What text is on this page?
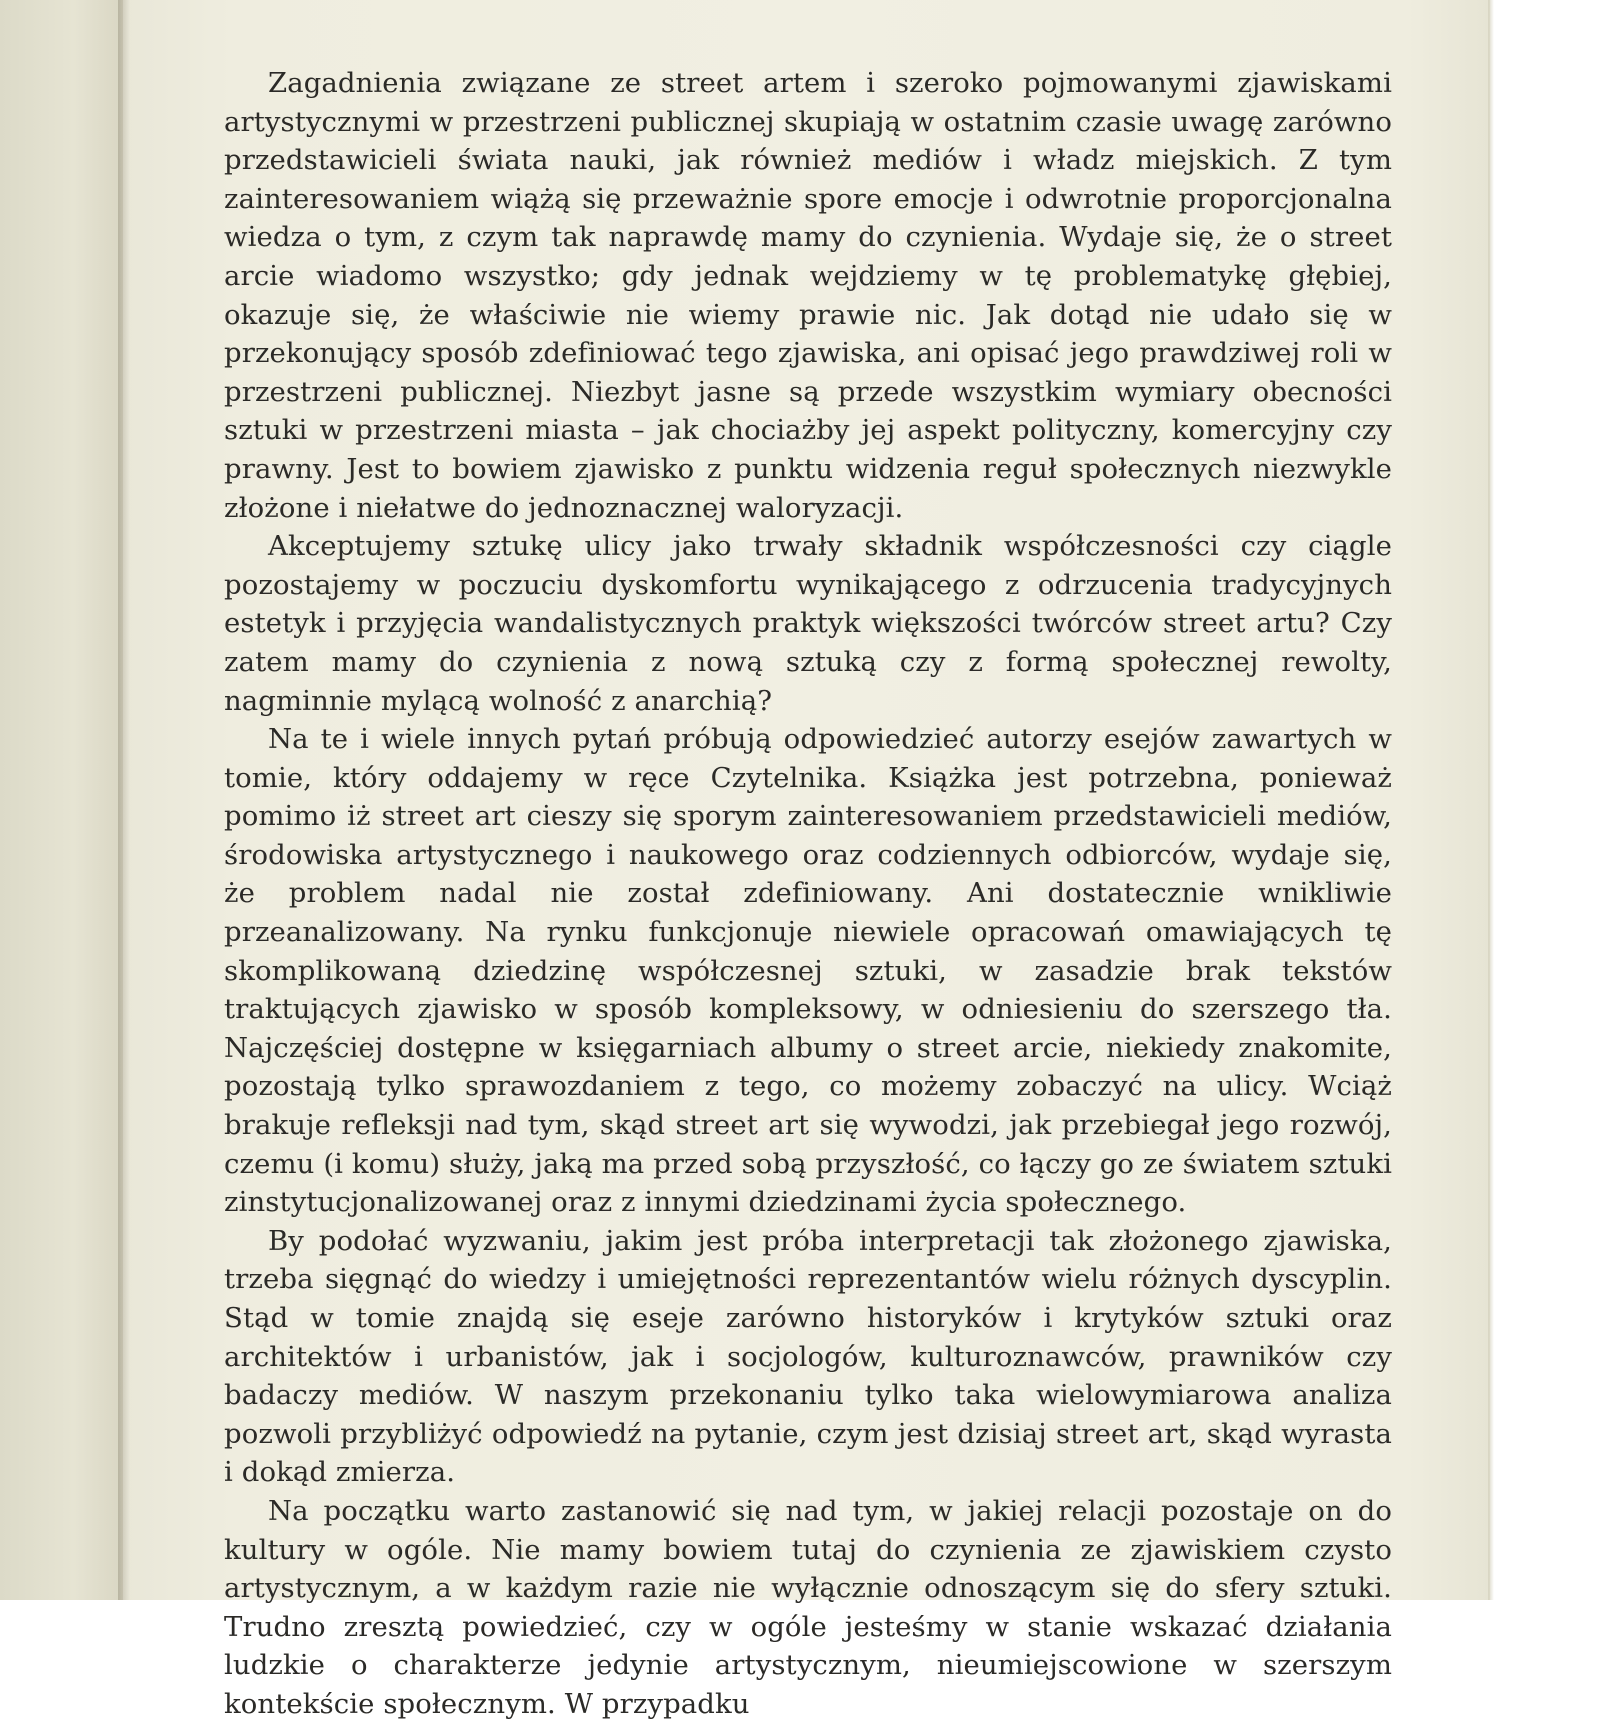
Zagadnienia związane ze street artem i szeroko pojmowanymi zjawiskami artystycznymi w przestrzeni publicznej skupiają w ostatnim czasie uwagę zarówno przedstawicieli świata nauki, jak również mediów i władz miejskich. Z tym zainteresowaniem wiążą się przeważnie spore emocje i odwrotnie proporcjonalna wiedza o tym, z czym tak naprawdę mamy do czynienia. Wydaje się, że o street arcie wiadomo wszystko; gdy jednak wejdziemy w tę problematykę głębiej, okazuje się, że właściwie nie wiemy prawie nic. Jak dotąd nie udało się w przekonujący sposób zdefiniować tego zjawiska, ani opisać jego prawdziwej roli w przestrzeni publicznej. Niezbyt jasne są przede wszystkim wymiary obecności sztuki w przestrzeni miasta – jak chociażby jej aspekt polityczny, komercyjny czy prawny. Jest to bowiem zjawisko z punktu widzenia reguł społecznych niezwykle złożone i niełatwe do jednoznacznej waloryzacji.

Akceptujemy sztukę ulicy jako trwały składnik współczesności czy ciągle pozostajemy w poczuciu dyskomfortu wynikającego z odrzucenia tradycyjnych estetyk i przyjęcia wandalistycznych praktyk większości twórców street artu? Czy zatem mamy do czynienia z nową sztuką czy z formą społecznej rewolty, nagminnie mylącą wolność z anarchią?

Na te i wiele innych pytań próbują odpowiedzieć autorzy esejów zawartych w tomie, który oddajemy w ręce Czytelnika. Książka jest potrzebna, ponieważ pomimo iż street art cieszy się sporym zainteresowaniem przedstawicieli mediów, środowiska artystycznego i naukowego oraz codziennych odbiorców, wydaje się, że problem nadal nie został zdefiniowany. Ani dostatecznie wnikliwie przeanalizowany. Na rynku funkcjonuje niewiele opracowań omawiających tę skomplikowaną dziedzinę współczesnej sztuki, w zasadzie brak tekstów traktujących zjawisko w sposób kompleksowy, w odniesieniu do szerszego tła. Najczęściej dostępne w księgarniach albumy o street arcie, niekiedy znakomite, pozostają tylko sprawozdaniem z tego, co możemy zobaczyć na ulicy. Wciąż brakuje refleksji nad tym, skąd street art się wywodzi, jak przebiegał jego rozwój, czemu (i komu) służy, jaką ma przed sobą przyszłość, co łączy go ze światem sztuki zinstytucjonalizowanej oraz z innymi dziedzinami życia społecznego.

By podołać wyzwaniu, jakim jest próba interpretacji tak złożonego zjawiska, trzeba sięgnąć do wiedzy i umiejętności reprezentantów wielu różnych dyscyplin. Stąd w tomie znajdą się eseje zarówno historyków i krytyków sztuki oraz architektów i urbanistów, jak i socjologów, kulturoznawców, prawników czy badaczy mediów. W naszym przekonaniu tylko taka wielowymiarowa analiza pozwoli przybliżyć odpowiedź na pytanie, czym jest dzisiaj street art, skąd wyrasta i dokąd zmierza.

Na początku warto zastanowić się nad tym, w jakiej relacji pozostaje on do kultury w ogóle. Nie mamy bowiem tutaj do czynienia ze zjawiskiem czysto artystycznym, a w każdym razie nie wyłącznie odnoszącym się do sfery sztuki. Trudno zresztą powiedzieć, czy w ogóle jesteśmy w stanie wskazać działania ludzkie o charakterze jedynie artystycznym, nieumiejscowione w szerszym kontekście społecznym. W przypadku
